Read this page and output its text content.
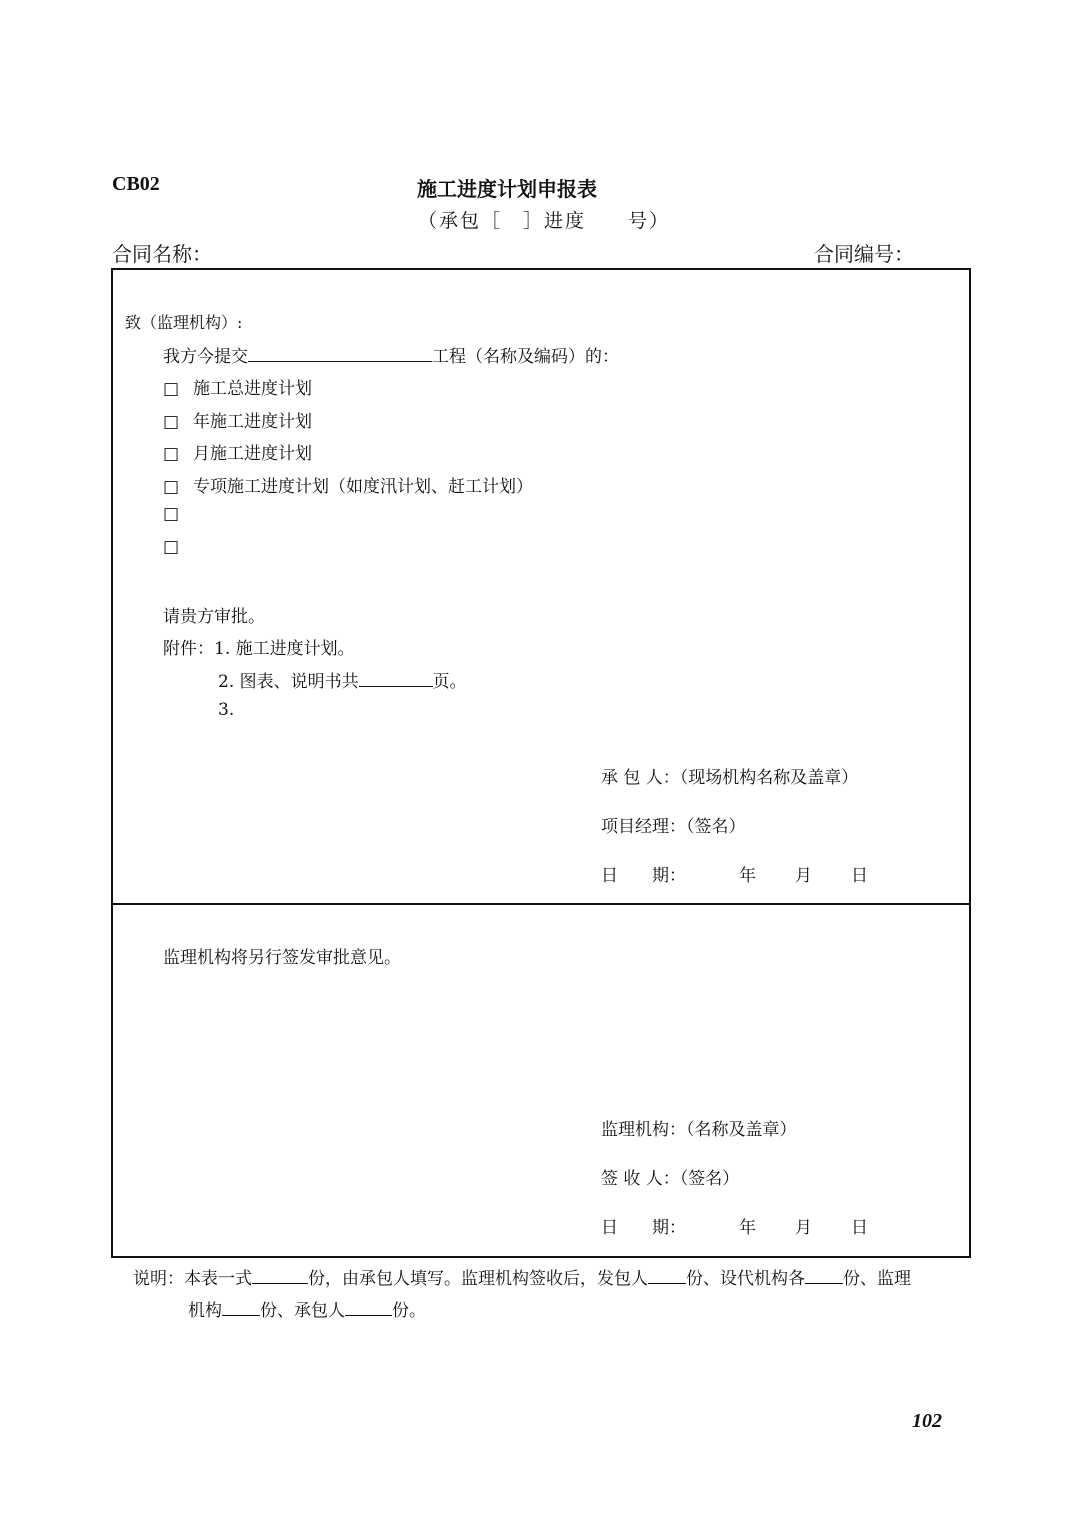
CB02	施工进度计划申报表
（承包［　］进度　　号）
合同名称：	合同编号：
致（监理机构）:
我方今提交	工程（名称及编码）的：
□ 施工总进度计划
□ 年施工进度计划
□ 月施工进度计划
□ 专项施工进度计划（如度汛计划、赶工计划）
□
□
请贵方审批。
附件：1. 施工进度计划。
2. 图表、说明书共	页。
3.
承 包 人：（现场机构名称及盖章）
项目经理：（签名）
日　　期：	年 月 日
监理机构将另行签发审批意见。
监理机构：（名称及盖章）
签 收 人：（签名）
日　　期：	年 月 日
说明：本表一式	份，由承包人填写。监理机构签收后，发包人 份、设代机构各 份、监理
机构 份、承包人	份。
102
